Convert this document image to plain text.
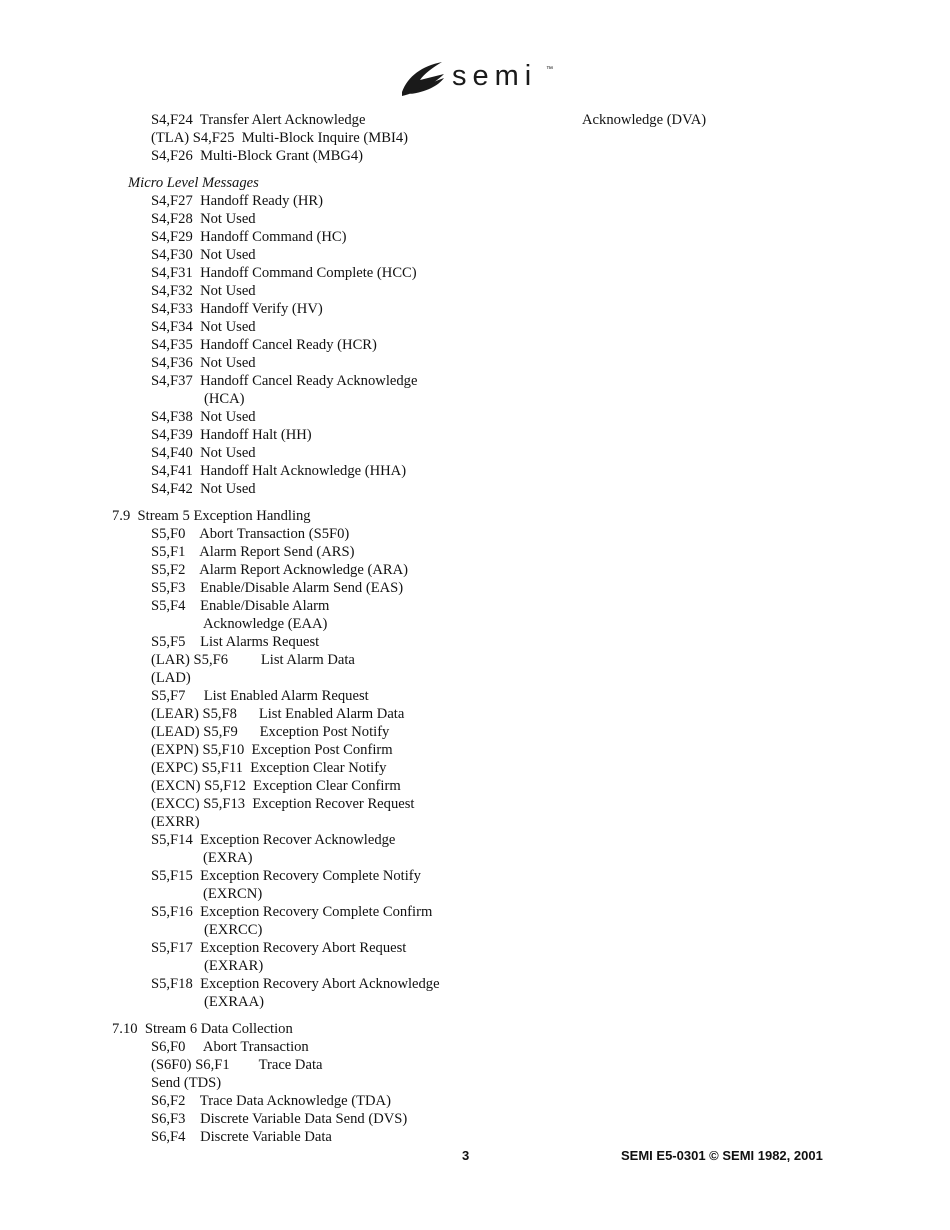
semi ™
Acknowledge (DVA)
S4,F24  Transfer Alert Acknowledge
(TLA) S4,F25  Multi-Block Inquire (MBI4)
S4,F26  Multi-Block Grant (MBG4)
Micro Level Messages
S4,F27  Handoff Ready (HR)
S4,F28  Not Used
S4,F29  Handoff Command (HC)
S4,F30  Not Used
S4,F31  Handoff Command Complete (HCC)
S4,F32  Not Used
S4,F33  Handoff Verify (HV)
S4,F34  Not Used
S4,F35  Handoff Cancel Ready (HCR)
S4,F36  Not Used
S4,F37  Handoff Cancel Ready Acknowledge
(HCA)
S4,F38  Not Used
S4,F39  Handoff Halt (HH)
S4,F40  Not Used
S4,F41  Handoff Halt Acknowledge (HHA)
S4,F42  Not Used
7.9  Stream 5 Exception Handling
S5,F0    Abort Transaction (S5F0)
S5,F1    Alarm Report Send (ARS)
S5,F2    Alarm Report Acknowledge (ARA)
S5,F3    Enable/Disable Alarm Send (EAS)
S5,F4    Enable/Disable Alarm
Acknowledge (EAA)
S5,F5    List Alarms Request
(LAR) S5,F6         List Alarm Data
(LAD)
S5,F7     List Enabled Alarm Request
(LEAR) S5,F8      List Enabled Alarm Data
(LEAD) S5,F9      Exception Post Notify
(EXPN) S5,F10  Exception Post Confirm
(EXPC) S5,F11  Exception Clear Notify
(EXCN) S5,F12  Exception Clear Confirm
(EXCC) S5,F13  Exception Recover Request
(EXRR)
S5,F14  Exception Recover Acknowledge
(EXRA)
S5,F15  Exception Recovery Complete Notify
(EXRCN)
S5,F16  Exception Recovery Complete Confirm
(EXRCC)
S5,F17  Exception Recovery Abort Request
(EXRAR)
S5,F18  Exception Recovery Abort Acknowledge
(EXRAA)
7.10  Stream 6 Data Collection
S6,F0     Abort Transaction
(S6F0) S6,F1        Trace Data
Send (TDS)
S6,F2    Trace Data Acknowledge (TDA)
S6,F3    Discrete Variable Data Send (DVS)
S6,F4    Discrete Variable Data
3	SEMI E5-0301 © SEMI 1982, 2001
